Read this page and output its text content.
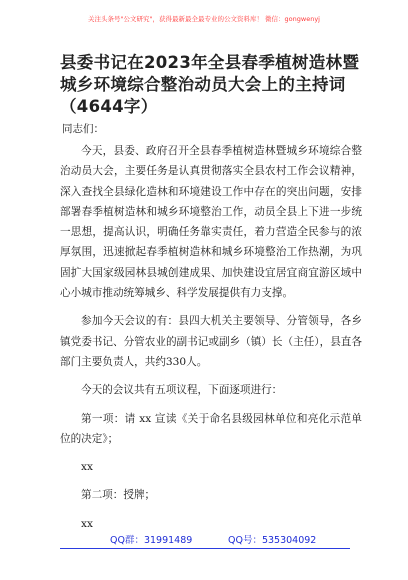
关注头条号"公文研究"，获得最新最全最专业的公文资料库！ 微信：gongwenyj
县委书记在2023年全县春季植树造林暨城乡环境综合整治动员大会上的主持词（4644字）
同志们：

今天，县委、政府召开全县春季植树造林暨城乡环境综合整治动员大会，主要任务是认真贯彻落实全县农村工作会议精神，深入查找全县绿化造林和环境建设工作中存在的突出问题，安排部署春季植树造林和城乡环境整治工作，动员全县上下进一步统一思想，提高认识，明确任务靠实责任，着力营造全民参与的浓厚氛围，迅速掀起春季植树造林和城乡环境整治工作热潮，为巩固扩大国家级园林县城创建成果、加快建设宜居宜商宜游区域中心小城市推动统筹城乡、科学发展提供有力支撑。

参加今天会议的有：县四大机关主要领导、分管领导，各乡镇党委书记、分管农业的副书记或副乡（镇）长（主任），县直各部门主要负责人，共约330人。

今天的会议共有五项议程，下面逐项进行：

第一项：请 xx 宣读《关于命名县级园林单位和亮化示范单位的决定》；

xx

第二项：授牌；

xx

QQ群：31991489	QQ号：535304092
